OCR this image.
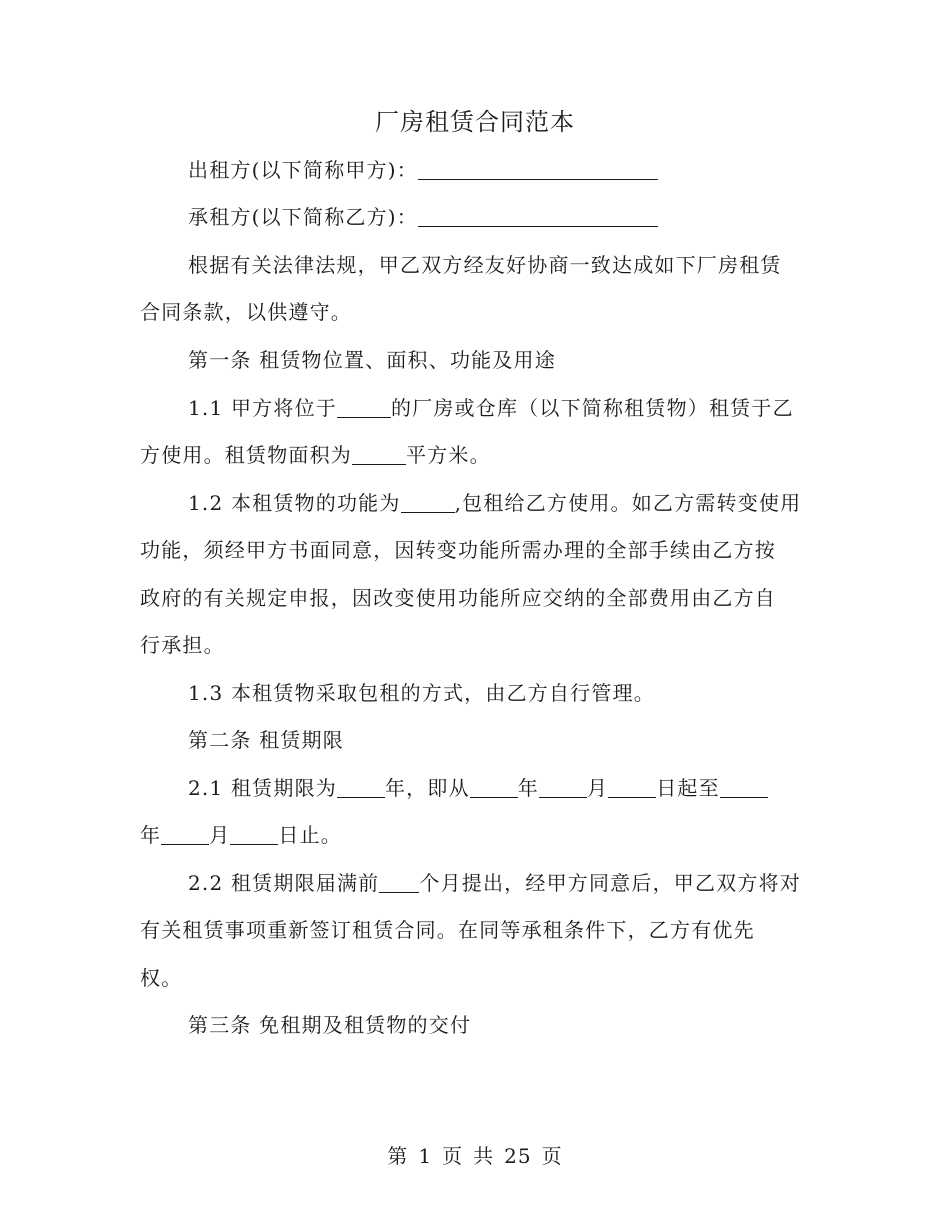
厂房租赁合同范本
出租方(以下简称甲方)：
承租方(以下简称乙方)：
根据有关法律法规，甲乙双方经友好协商一致达成如下厂房租赁
合同条款，以供遵守。
第一条 租赁物位置、面积、功能及用途
1.1 甲方将位于	的厂房或仓库（以下简称租赁物）租赁于乙
方使用。租赁物面积为	平方米。
1.2 本租赁物的功能为	,包租给乙方使用。如乙方需转变使用
功能，须经甲方书面同意，因转变功能所需办理的全部手续由乙方按
政府的有关规定申报，因改变使用功能所应交纳的全部费用由乙方自
行承担。
1.3 本租赁物采取包租的方式，由乙方自行管理。
第二条 租赁期限
2.1 租赁期限为 年，即从 年 月 日起至
年 月 日止。
2.2 租赁期限届满前 个月提出，经甲方同意后，甲乙双方将对
有关租赁事项重新签订租赁合同。在同等承租条件下，乙方有优先
权。
第三条 免租期及租赁物的交付
第 1 页 共 25 页
